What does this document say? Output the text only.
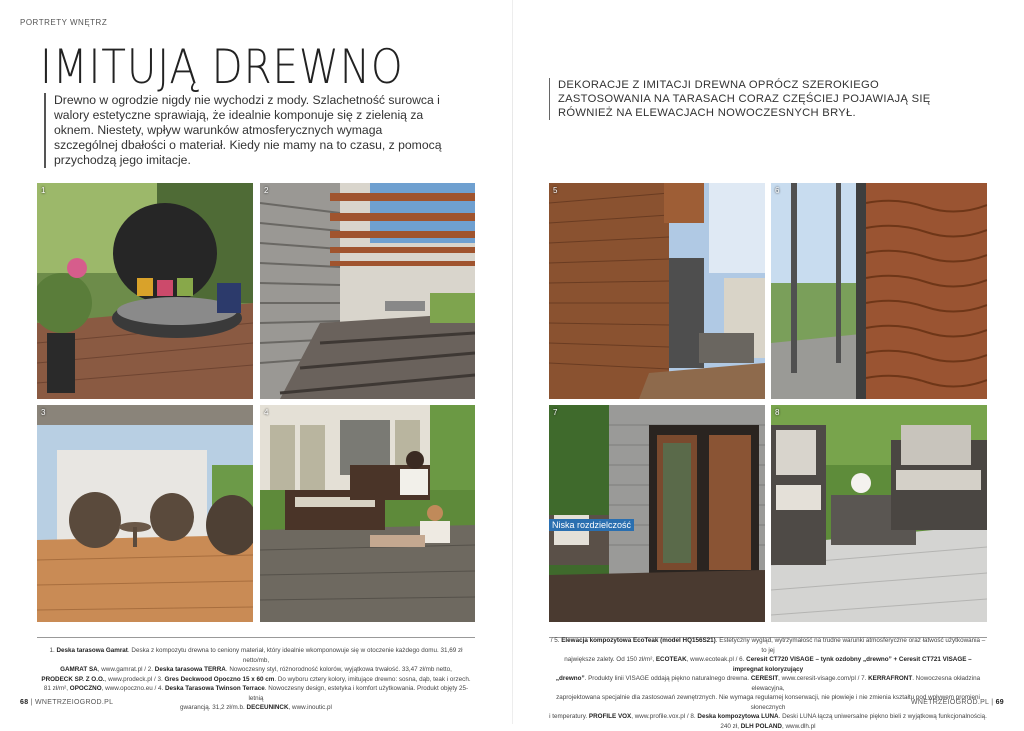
PORTRETY WNĘTRZ
IMITUJĄ DREWNO
Drewno w ogrodzie nigdy nie wychodzi z mody. Szlachetność surowca i walory estetyczne sprawiają, że idealnie komponuje się z zielenią za oknem. Niestety, wpływ warunków atmosferycznych wymaga szczególnej dbałości o materiał. Kiedy nie mamy na to czasu, z pomocą przychodzą jego imitacje.
DEKORACJE Z IMITACJI DREWNA OPRÓCZ SZEROKIEGO ZASTOSOWANIA NA TARASACH CORAZ CZĘŚCIEJ POJAWIAJĄ SIĘ RÓWNIEŻ NA ELEWACJACH NOWOCZESNYCH BRYŁ.
1	2
3	4
5	6
7	8
Niska rozdzielczość
1. Deska tarasowa Gamrat. Deska z kompozytu drewna to ceniony materiał, który idealnie wkomponowuje się w otoczenie każdego domu. 31,69 zł netto/mb,
GAMRAT SA, www.gamrat.pl / 2. Deska tarasowa TERRA. Nowoczesny styl, różnorodność kolorów, wyjątkowa trwałość. 33,47 zł/mb netto,
PRODECK SP. Z O.O., www.prodeck.pl / 3. Gres Deckwood Opoczno 15 x 60 cm. Do wyboru cztery kolory, imitujące drewno: sosna, dąb, teak i orzech.
81 zł/m², OPOCZNO, www.opoczno.eu / 4. Deska Tarasowa Twinson Terrace. Nowoczesny design, estetyka i komfort użytkowania. Produkt objęty 25-letnią
gwarancją. 31,2 zł/m.b. DECEUNINCK, www.inoutic.pl
/ 5. Elewacja kompozytowa EcoTeak (model HQ156S21). Estetyczny wygląd, wytrzymałość na trudne warunki atmosferyczne oraz łatwość użytkowania – to jej
największe zalety. Od 150 zł/m², ECOTEAK, www.ecoteak.pl / 6. Ceresit CT720 VISAGE – tynk ozdobny „drewno” + Ceresit CT721 VISAGE – impregnat koloryzujący
„drewno”. Produkty linii VISAGE oddają piękno naturalnego drewna. CERESIT, www.ceresit-visage.com/pl / 7. KERRAFRONT. Nowoczesna okładzina elewacyjna,
zaprojektowana specjalnie dla zastosowań zewnętrznych. Nie wymaga regularnej konserwacji, nie płowieje i nie zmienia kształtu pod wpływem promieni słonecznych
i temperatury. PROFILE VOX, www.profile.vox.pl / 8. Deska kompozytowa LUNA. Deski LUNA łączą uniwersalne piękno bieli z wyjątkową funkcjonalnością.
240 zł, DLH POLAND, www.dlh.pl
68 | WNETRZEIOGROD.PL	WNETRZEIOGROD.PL | 69
